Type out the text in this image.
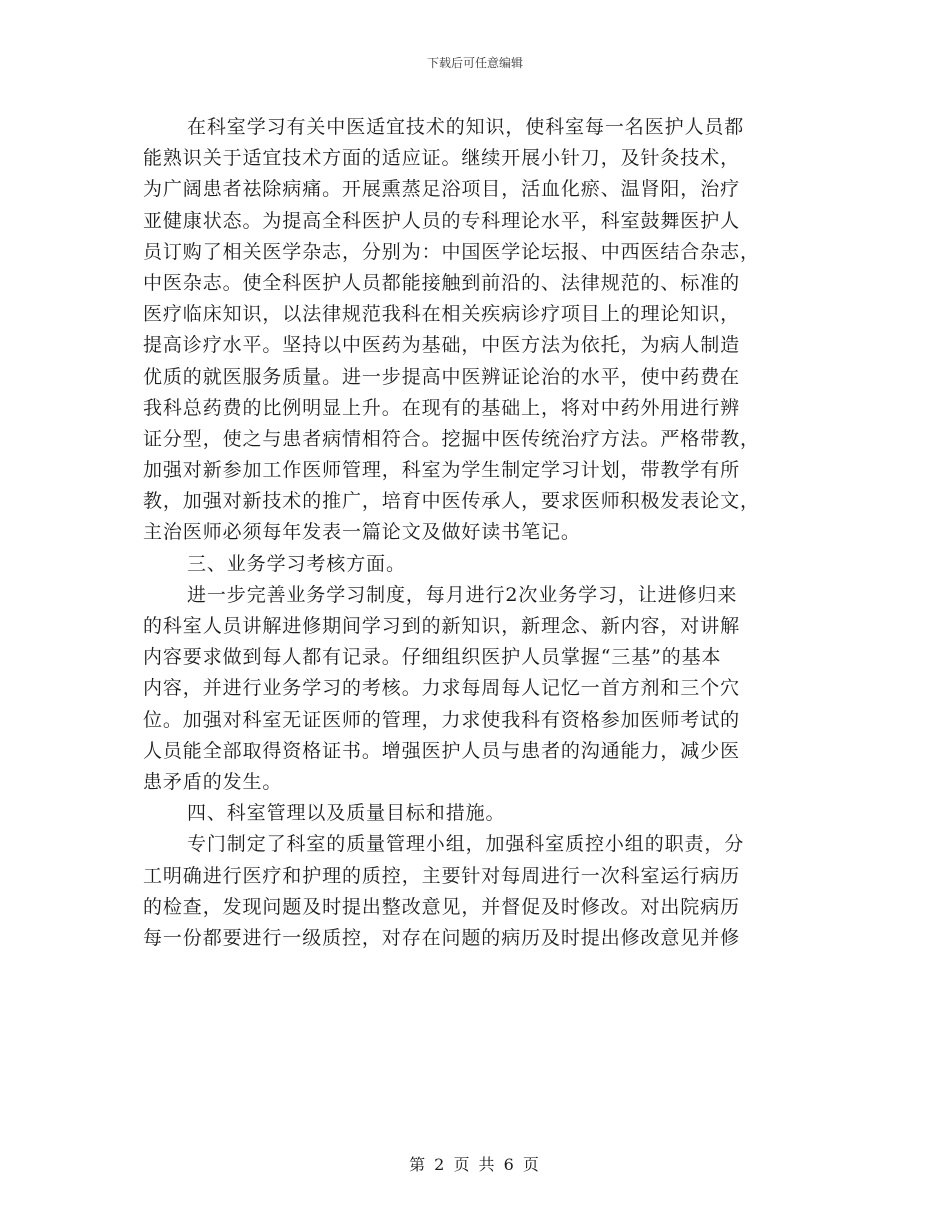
下载后可任意编辑
在科室学习有关中医适宜技术的知识，使科室每一名医护人员都
能熟识关于适宜技术方面的适应证。继续开展小针刀，及针灸技术，
为广阔患者祛除病痛。开展熏蒸足浴项目，活血化瘀、温肾阳，治疗
亚健康状态。为提高全科医护人员的专科理论水平，科室鼓舞医护人
员订购了相关医学杂志，分别为：中国医学论坛报、中西医结合杂志，
中医杂志。使全科医护人员都能接触到前沿的、法律规范的、标准的
医疗临床知识，以法律规范我科在相关疾病诊疗项目上的理论知识，
提高诊疗水平。坚持以中医药为基础，中医方法为依托，为病人制造
优质的就医服务质量。进一步提高中医辨证论治的水平，使中药费在
我科总药费的比例明显上升。在现有的基础上，将对中药外用进行辨
证分型，使之与患者病情相符合。挖掘中医传统治疗方法。严格带教，
加强对新参加工作医师管理，科室为学生制定学习计划，带教学有所
教，加强对新技术的推广，培育中医传承人，要求医师积极发表论文，
主治医师必须每年发表一篇论文及做好读书笔记。
三、业务学习考核方面。
进一步完善业务学习制度，每月进行2次业务学习，让进修归来
的科室人员讲解进修期间学习到的新知识，新理念、新内容，对讲解
内容要求做到每人都有记录。仔细组织医护人员掌握“三基”的基本
内容，并进行业务学习的考核。力求每周每人记忆一首方剂和三个穴
位。加强对科室无证医师的管理，力求使我科有资格参加医师考试的
人员能全部取得资格证书。增强医护人员与患者的沟通能力，减少医
患矛盾的发生。
四、科室管理以及质量目标和措施。
专门制定了科室的质量管理小组，加强科室质控小组的职责，分
工明确进行医疗和护理的质控，主要针对每周进行一次科室运行病历
的检查，发现问题及时提出整改意见，并督促及时修改。对出院病历
每一份都要进行一级质控，对存在问题的病历及时提出修改意见并修
第 2 页 共 6 页
